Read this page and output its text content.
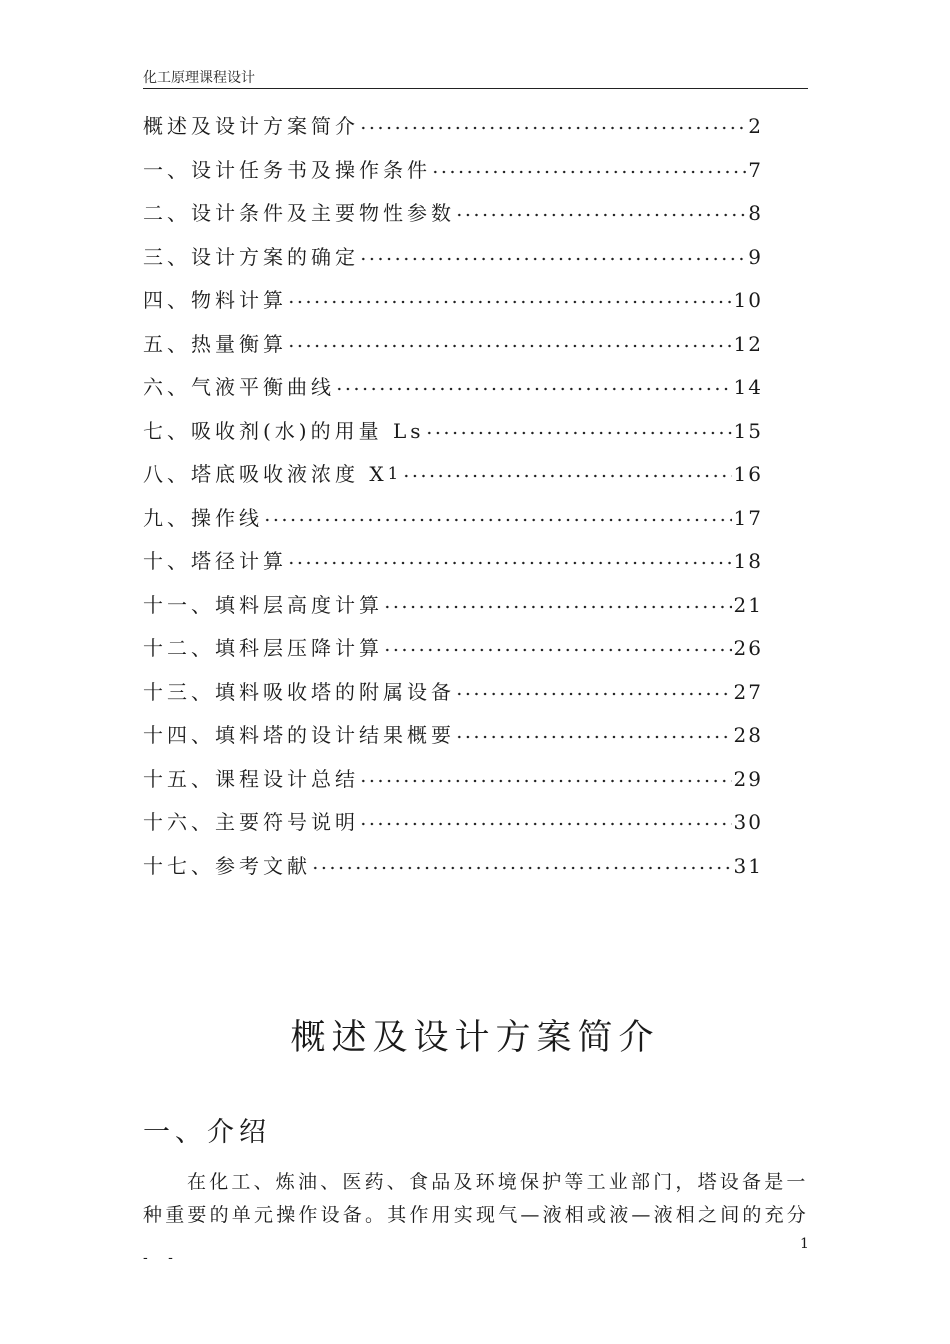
化工原理课程设计
概述及设计方案简介	2
一、设计任务书及操作条件	7
二、设计条件及主要物性参数	8
三、设计方案的确定	9
四、物料计算	10
五、热量衡算	12
六、气液平衡曲线	14
七、吸收剂(水)的用量 Ls	15
八、塔底吸收液浓度 X 1	16
九、操作线	17
十、塔径计算	18
十一、填料层高度计算	21
十二、填科层压降计算	26
十三、填料吸收塔的附属设备	27
十四、填料塔的设计结果概要	28
十五、课程设计总结	29
十六、主要符号说明	30
十七、参考文献	31
概述及设计方案简介
一、介绍
在化工、炼油、医药、食品及环境保护等工业部门，塔设备是一
种重要的单元操作设备。其作用实现气—液相或液—液相之间的充分
1
- -
